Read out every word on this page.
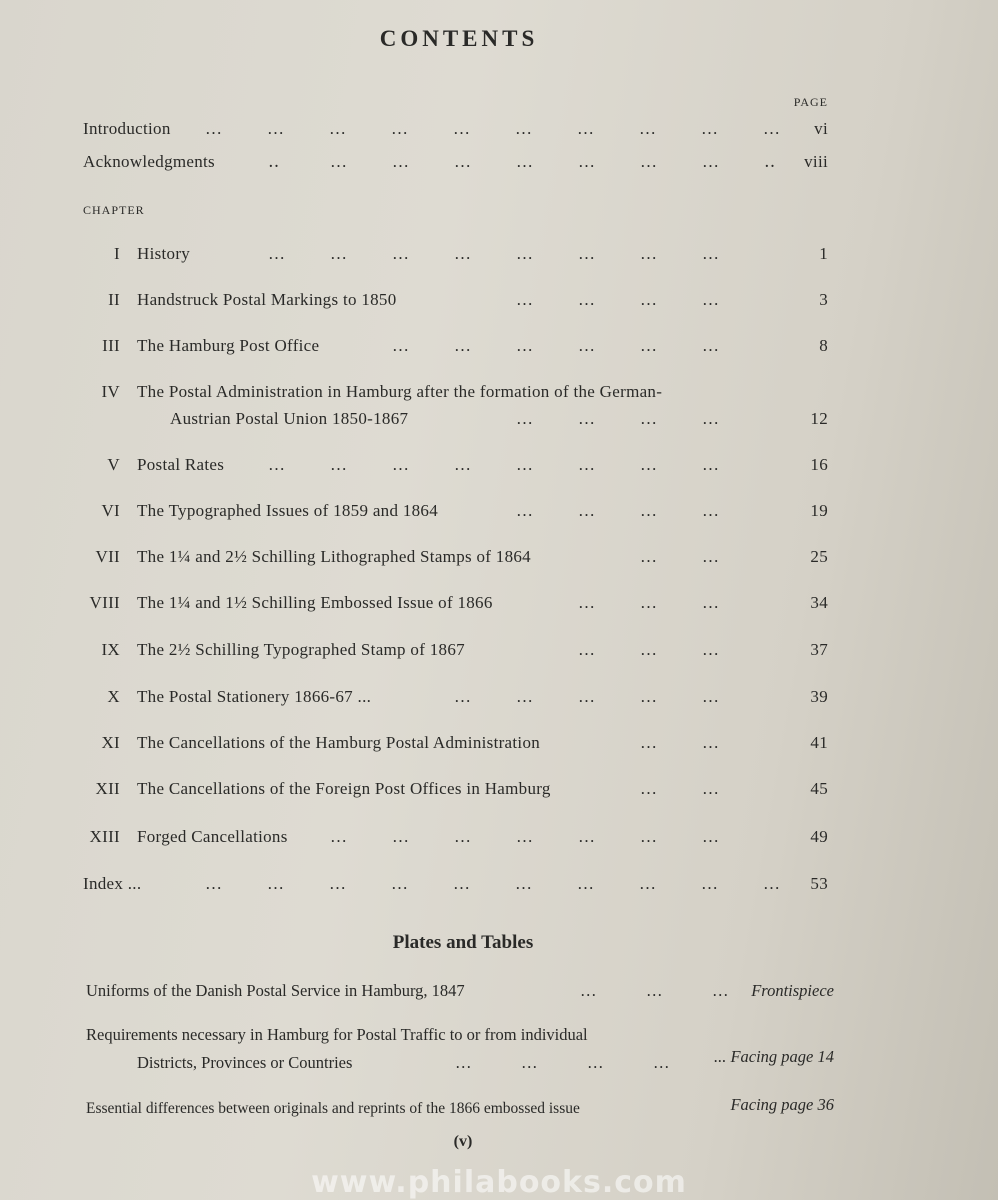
CONTENTS
PAGE
Introduction …	…	…	…	…	…	…	…	…	…	vi
Acknowledgments	‥	…	…	…	…	…	…	…	‥	viii
CHAPTER
I History	…	…	…	…	…	…	…	…	1
II Handstruck Postal Markings to 1850	…	…	…	…	3
III The Hamburg Post Office	…	…	…	…	…	…	8
IV The Postal Administration in Hamburg after the formation of the German-
Austrian Postal Union 1850-1867	…	…	…	…	12
V Postal Rates	…	…	…	…	…	…	…	…	16
VI The Typographed Issues of 1859 and 1864	…	…	…	…	19
VII The 1¼ and 2½ Schilling Lithographed Stamps of 1864	…	…	25
VIII The 1¼ and 1½ Schilling Embossed Issue of 1866	…	…	…	34
IX The 2½ Schilling Typographed Stamp of 1867	…	…	…	37
X The Postal Stationery 1866-67 ...	…	…	…	…	…	39
XI The Cancellations of the Hamburg Postal Administration	…	…	41
XII The Cancellations of the Foreign Post Offices in Hamburg	…	…	45
XIII Forged Cancellations …	…	…	…	…	…	…	49
Index ...	…	…	…	…	…	…	…	…	…	…	53
Plates and Tables
Uniforms of the Danish Postal Service in Hamburg, 1847	…            …            … Frontispiece
Requirements necessary in Hamburg for Postal Traffic to or from individual
Districts, Provinces or Countries	…            …            …            …	... Facing page 14
Essential differences between originals and reprints of the 1866 embossed issue	Facing page 36
(v)
www.philabooks.com
